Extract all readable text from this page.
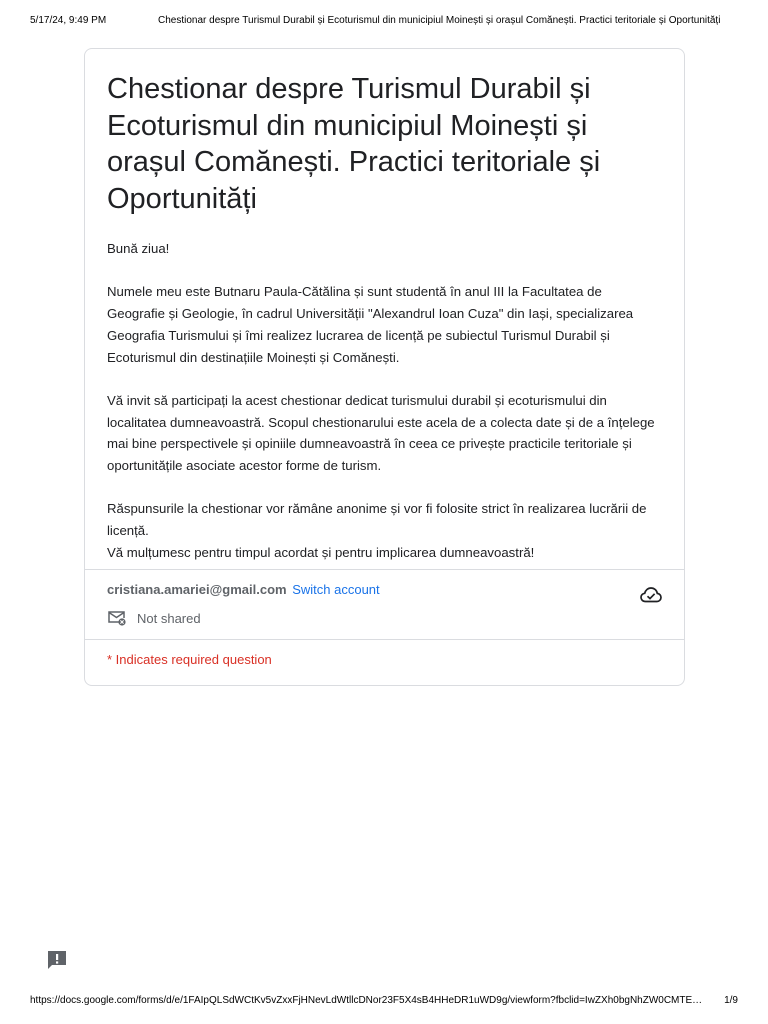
5/17/24, 9:49 PM	Chestionar despre Turismul Durabil și Ecoturismul din municipiul Moinești și orașul Comănești. Practici teritoriale și Oportunități
Chestionar despre Turismul Durabil și Ecoturismul din municipiul Moinești și orașul Comănești. Practici teritoriale și Oportunități

Bună ziua!

Numele meu este Butnaru Paula-Cătălina și sunt studentă în anul III la Facultatea de Geografie și Geologie, în cadrul Universității "Alexandrul Ioan Cuza" din Iași, specializarea Geografia Turismului și îmi realizez lucrarea de licență pe subiectul Turismul Durabil și Ecoturismul din destinațiile Moinești și Comănești.

Vă invit să participați la acest chestionar dedicat turismului durabil și ecoturismului din localitatea dumneavoastră. Scopul chestionarului este acela de a colecta date și de a înțelege mai bine perspectivele și opiniile dumneavoastră în ceea ce privește practicile teritoriale și oportunitățile asociate acestor forme de turism.

Răspunsurile la chestionar vor rămâne anonime și vor fi folosite strict în realizarea lucrării de licență.
Vă mulțumesc pentru timpul acordat și pentru implicarea dumneavoastră!

cristiana.amariei@gmail.com Switch account
Not shared
* Indicates required question
https://docs.google.com/forms/d/e/1FAIpQLSdWCtKv5vZxxFjHNevLdWtllcDNor23F5X4sB4HHeDR1uWD9g/viewform?fbclid=IwZXh0bgNhZW0CMTE… 1/9
